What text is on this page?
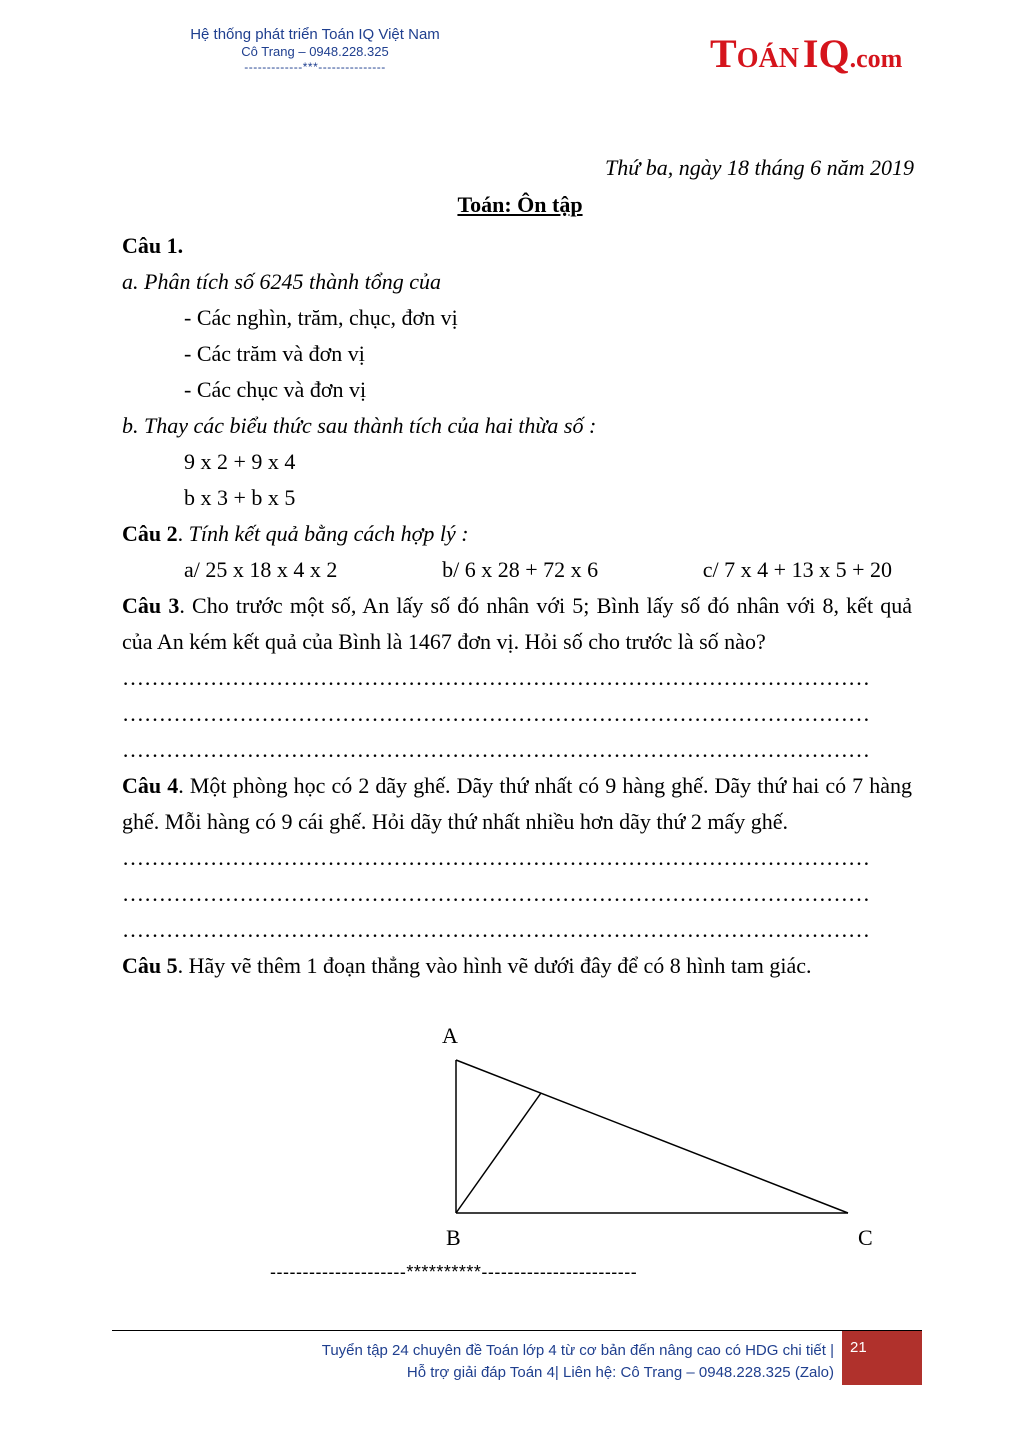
Hệ thống phát triển Toán IQ Việt Nam
Cô Trang – 0948.228.325
-------------***---------------	TOÁN IQ.com
Thứ ba, ngày 18 tháng 6 năm 2019
Toán: Ôn tập

Câu 1.

a. Phân tích số 6245 thành tổng của

- Các nghìn, trăm, chục, đơn vị

- Các trăm và đơn vị

- Các chục và đơn vị

b. Thay các biểu thức sau thành tích của hai thừa số :

9 x 2 + 9 x 4

b x 3 + b x 5

Câu 2. Tính kết quả bằng cách hợp lý :

a/ 25 x 18 x 4 x 2	b/ 6 x 28 + 72 x 6	c/ 7 x 4 + 13 x 5 + 20

Câu 3. Cho trước một số, An lấy số đó nhân với 5; Bình lấy số đó nhân với 8, kết quả của An kém kết quả của Bình là 1467 đơn vị. Hỏi số cho trước là số nào?

…………………………………………………………………………………………

…………………………………………………………………………………………

…………………………………………………………………………………………

Câu 4. Một phòng học có 2 dãy ghế. Dãy thứ nhất có 9 hàng ghế. Dãy thứ hai có 7 hàng ghế. Mỗi hàng có 9 cái ghế. Hỏi dãy thứ nhất nhiều hơn dãy thứ 2 mấy ghế.

…………………………………………………………………………………………

…………………………………………………………………………………………

…………………………………………………………………………………………

Câu 5. Hãy vẽ thêm 1 đoạn thẳng vào hình vẽ dưới đây để có 8 hình tam giác.

A
B	C
---------------------**********------------------------
Tuyển tập 24 chuyên đề Toán lớp 4 từ cơ bản đến nâng cao có HDG chi tiết |
Hỗ trợ giải đáp Toán 4| Liên hệ: Cô Trang – 0948.228.325 (Zalo)
21
